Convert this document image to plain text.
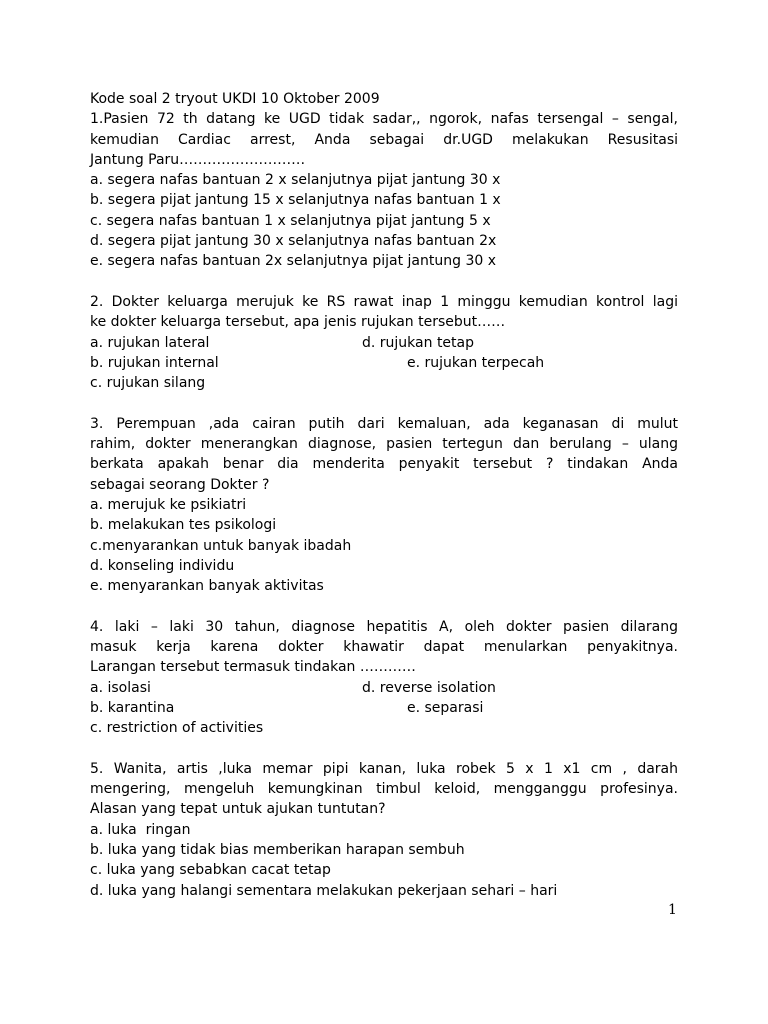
Kode soal 2 tryout UKDI 10 Oktober 2009
1.Pasien 72 th datang ke UGD tidak sadar,, ngorok, nafas tersengal – sengal,
kemudian Cardiac arrest, Anda sebagai dr.UGD melakukan Resusitasi
Jantung Paru………………………
a. segera nafas bantuan 2 x selanjutnya pijat jantung 30 x
b. segera pijat jantung 15 x selanjutnya nafas bantuan 1 x
c. segera nafas bantuan 1 x selanjutnya pijat jantung 5 x
d. segera pijat jantung 30 x selanjutnya nafas bantuan 2x
e. segera nafas bantuan 2x selanjutnya pijat jantung 30 x
2. Dokter keluarga merujuk ke RS rawat inap 1 minggu kemudian kontrol lagi
ke dokter keluarga tersebut, apa jenis rujukan tersebut……
a. rujukan lateral	d. rujukan tetap
b. rujukan internal	e. rujukan terpecah
c. rujukan silang
3. Perempuan ,ada cairan putih dari kemaluan, ada keganasan di mulut
rahim, dokter menerangkan diagnose, pasien tertegun dan berulang – ulang
berkata apakah benar dia menderita penyakit tersebut ? tindakan Anda
sebagai seorang Dokter ?
a. merujuk ke psikiatri
b. melakukan tes psikologi
c.menyarankan untuk banyak ibadah
d. konseling individu
e. menyarankan banyak aktivitas
4. laki – laki 30 tahun, diagnose hepatitis A, oleh dokter pasien dilarang
masuk kerja karena dokter khawatir dapat menularkan penyakitnya.
Larangan tersebut termasuk tindakan …………
a. isolasi	d. reverse isolation
b. karantina	e. separasi
c. restriction of activities
5. Wanita, artis ,luka memar pipi kanan, luka robek 5 x 1 x1 cm , darah
mengering, mengeluh kemungkinan timbul keloid, mengganggu profesinya.
Alasan yang tepat untuk ajukan tuntutan?
a. luka  ringan
b. luka yang tidak bias memberikan harapan sembuh
c. luka yang sebabkan cacat tetap
d. luka yang halangi sementara melakukan pekerjaan sehari – hari
1
